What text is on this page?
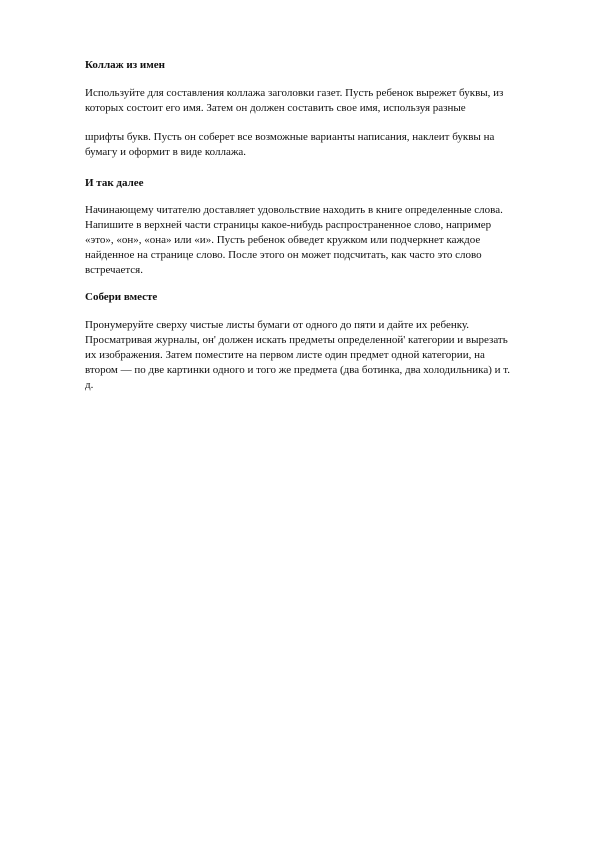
Коллаж из имен
Используйте для составления коллажа заголовки газет. Пусть ребенок вырежет буквы, из
которых состоит его имя. Затем он должен составить свое имя, используя разные
шрифты букв. Пусть он соберет все возможные варианты написания, наклеит буквы на
бумагу и оформит в виде коллажа.
И так далее
Начинающему читателю доставляет удовольствие находить в книге определенные слова.
Напишите в верхней части страницы какое-нибудь распространенное слово, например
«это», «он», «она» или «и». Пусть ребенок обведет кружком или подчеркнет каждое
найденное на странице слово. После этого он может подсчитать, как часто это слово
встречается.
Собери вместе
Пронумеруйте сверху чистые листы бумаги от одного до пяти и дайте их ребенку.
Просматривая журналы, он' должен искать предметы определенной' категории и вырезать
их изображения. Затем поместите на первом листе один предмет одной категории, на
втором — по две картинки одного и того же предмета (два ботинка, два холодильника) и т.
д.
